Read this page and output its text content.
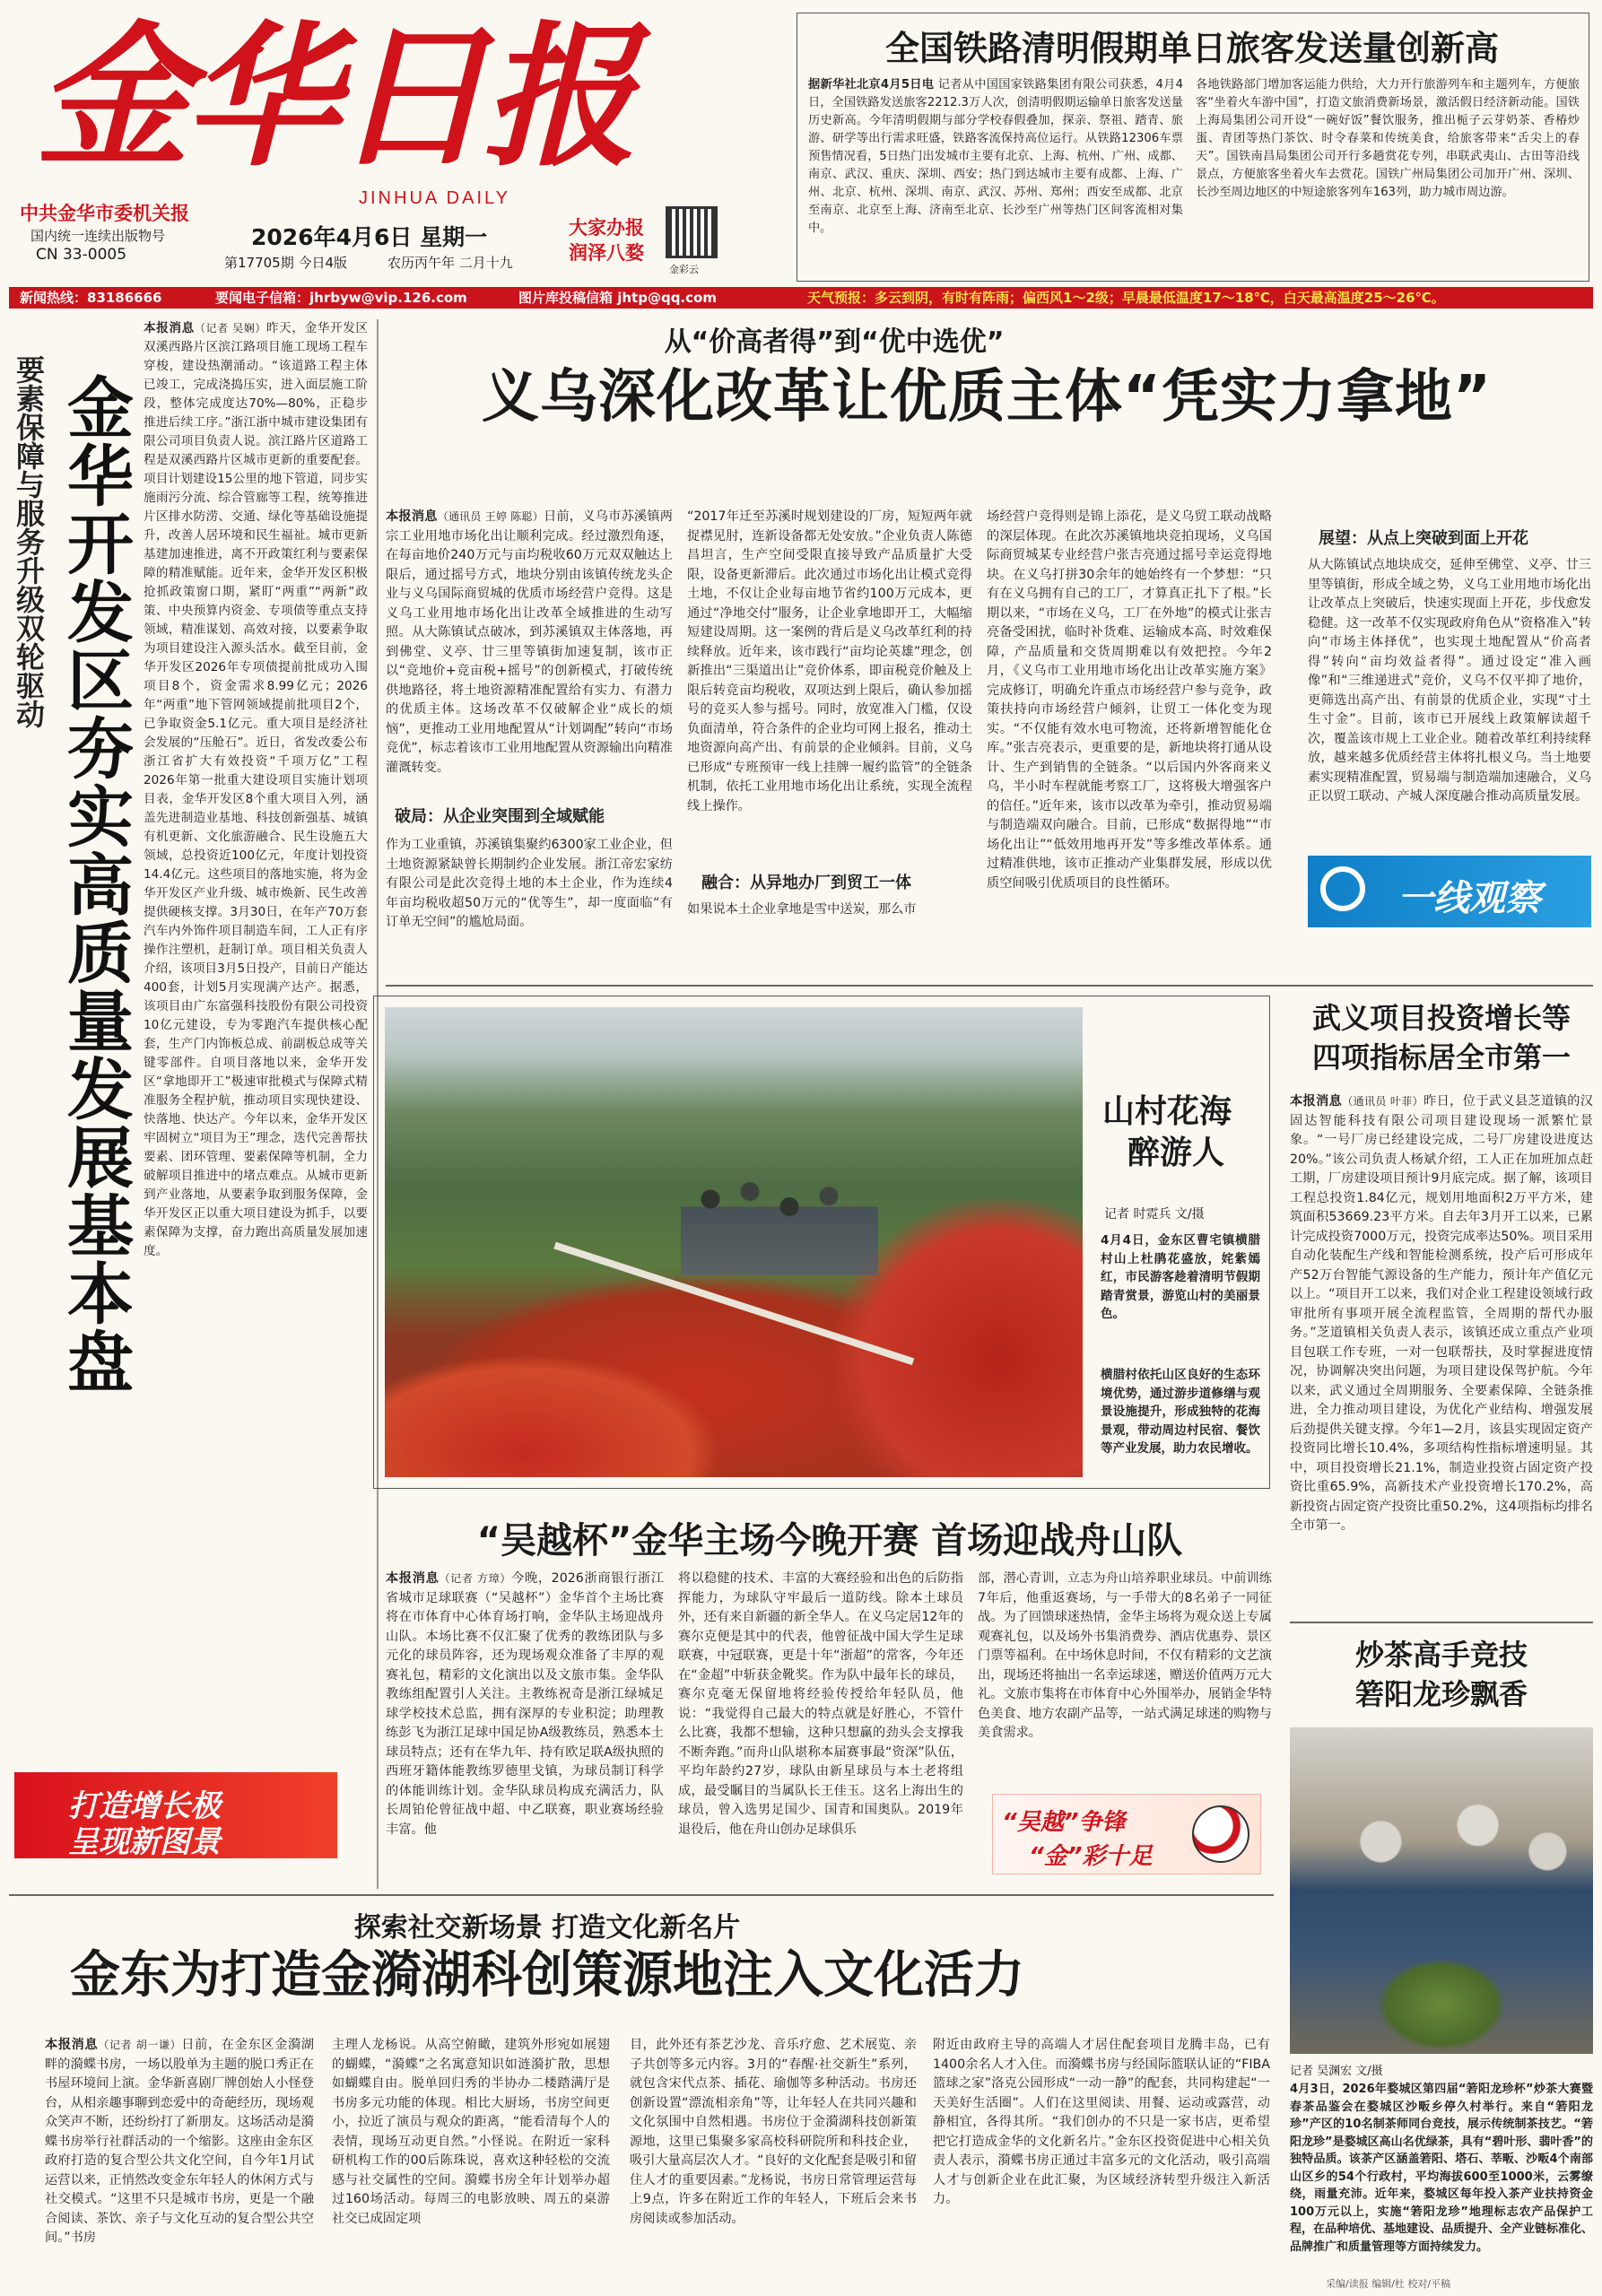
金华日报
JINHUA DAILY
中共金华市委机关报
国内统一连续出版物号
CN 33-0005
2026年4月6日 星期一
第17705期 今日4版	农历丙午年 二月十九
大家办报
润泽八婺
金彩云
全国铁路清明假期单日旅客发送量创新高
据新华社北京4月5日电 记者从中国国家铁路集团有限公司获悉，4月4日，全国铁路发送旅客2212.3万人次，创清明假期运输单日旅客发送量历史新高。今年清明假期与部分学校春假叠加，探亲、祭祖、踏青、旅游、研学等出行需求旺盛，铁路客流保持高位运行。从铁路12306车票预售情况看，5日热门出发城市主要有北京、上海、杭州、广州、成都、南京、武汉、重庆、深圳、西安；热门到达城市主要有成都、上海、广州、北京、杭州、深圳、南京、武汉、苏州、郑州；西安至成都、北京至南京、北京至上海、济南至北京、长沙至广州等热门区间客流相对集中。
各地铁路部门增加客运能力供给，大力开行旅游列车和主题列车，方便旅客“坐着火车游中国”，打造文旅消费新场景，激活假日经济新动能。国铁上海局集团公司开设“一碗好饭”餐饮服务，推出栀子云芽奶茶、香椿炒蛋、青团等热门茶饮、时令春菜和传统美食，给旅客带来“舌尖上的春天”。国铁南昌局集团公司开行多趟赏花专列，串联武夷山、古田等沿线景点，方便旅客坐着火车去赏花。国铁广州局集团公司加开广州、深圳、长沙至周边地区的中短途旅客列车163列，助力城市周边游。
新闻热线：83186666	要闻电子信箱：jhrbyw@vip.126.com	图片库投稿信箱 jhtp@qq.com	天气预报：多云到阴，有时有阵雨；偏西风1～2级；早晨最低温度17～18℃，白天最高温度25～26℃。
要素保障与服务升级双轮驱动 金华开发区夯实高质量发展基本盘
本报消息（记者 吴娴）昨天，金华开发区双溪西路片区滨江路项目施工现场工程车穿梭，建设热潮涌动。“该道路工程主体已竣工，完成浇捣压实，进入面层施工阶段，整体完成度达70%—80%，正稳步推进后续工序。”浙江浙中城市建设集团有限公司项目负责人说。滨江路片区道路工程是双溪西路片区城市更新的重要配套。项目计划建设15公里的地下管道，同步实施雨污分流、综合管廊等工程，统筹推进片区排水防涝、交通、绿化等基础设施提升，改善人居环境和民生福祉。城市更新基建加速推进，离不开政策红利与要素保障的精准赋能。近年来，金华开发区积极抢抓政策窗口期，紧盯“两重”“两新”政策、中央预算内资金、专项债等重点支持领域，精准谋划、高效对接，以要素争取为项目建设注入源头活水。截至目前，金华开发区2026年专项债提前批成功入围项目8个，资金需求8.99亿元；2026年“两重”地下管网领域提前批项目2个，已争取资金5.1亿元。重大项目是经济社会发展的“压舱石”。近日，省发改委公布浙江省扩大有效投资“千项万亿”工程2026年第一批重大建设项目实施计划项目表，金华开发区8个重大项目入列，涵盖先进制造业基地、科技创新强基、城镇有机更新、文化旅游融合、民生设施五大领域，总投资近100亿元，年度计划投资14.4亿元。这些项目的落地实施，将为金华开发区产业升级、城市焕新、民生改善提供硬核支撑。3月30日，在年产70万套汽车内外饰件项目制造车间，工人正有序操作注塑机，赶制订单。项目相关负责人介绍，该项目3月5日投产，目前日产能达400套，计划5月实现满产达产。据悉，该项目由广东富强科技股份有限公司投资10亿元建设，专为零跑汽车提供核心配套，生产门内饰板总成、前副板总成等关键零部件。自项目落地以来，金华开发区“拿地即开工”极速审批模式与保障式精准服务全程护航，推动项目实现快建设、快落地、快达产。今年以来，金华开发区牢固树立“项目为王”理念，迭代完善帮扶要素、团环管理、要素保障等机制，全力破解项目推进中的堵点难点。从城市更新到产业落地，从要素争取到服务保障，金华开发区正以重大项目建设为抓手，以要素保障为支撑，奋力跑出高质量发展加速度。
打造增长极
呈现新图景
从“价高者得”到“优中选优”
义乌深化改革让优质主体“凭实力拿地”
本报消息（通讯员 王婷 陈聪）日前，义乌市苏溪镇两宗工业用地市场化出让顺利完成。经过激烈角逐，在每亩地价240万元与亩均税收60万元双双触达上限后，通过摇号方式，地块分别由该镇传统龙头企业与义乌国际商贸城的优质市场经营户竞得。这是义乌工业用地市场化出让改革全域推进的生动写照。从大陈镇试点破冰，到苏溪镇双主体落地，再到佛堂、义亭、廿三里等镇街加速复制，该市正以“竞地价+竞亩税+摇号”的创新模式，打破传统供地路径，将土地资源精准配置给有实力、有潜力的优质主体。这场改革不仅破解企业“成长的烦恼”，更推动工业用地配置从“计划调配”转向“市场竞优”，标志着该市工业用地配置从资源输出向精准灌溉转变。
破局：从企业突围到全域赋能
作为工业重镇，苏溪镇集聚约6300家工业企业，但土地资源紧缺曾长期制约企业发展。浙江帝宏家纺有限公司是此次竞得土地的本土企业，作为连续4年亩均税收超50万元的“优等生”，却一度面临“有订单无空间”的尴尬局面。
“2017年迁至苏溪时规划建设的厂房，短短两年就捉襟见肘，连新设备都无处安放。”企业负责人陈德昌坦言，生产空间受限直接导致产品质量扩大受限，设备更新滞后。此次通过市场化出让模式竞得土地，不仅让企业每亩地节省约100万元成本，更通过“净地交付”服务，让企业拿地即开工，大幅缩短建设周期。这一案例的背后是义乌改革红利的持续释放。近年来，该市践行“亩均论英雄”理念，创新推出“三渠道出让”竞价体系，即亩税竞价触及上限后转竞亩均税收，双项达到上限后，确认参加摇号的竞买人参与摇号。同时，放宽准入门槛，仅设负面清单，符合条件的企业均可网上报名，推动土地资源向高产出、有前景的企业倾斜。目前，义乌已形成“专班预审一线上挂牌一履约监管”的全链条机制，依托工业用地市场化出让系统，实现全流程线上操作。
融合：从异地办厂到贸工一体
如果说本土企业拿地是雪中送炭，那么市
场经营户竞得则是锦上添花，是义乌贸工联动战略的深层体现。在此次苏溪镇地块竞拍现场，义乌国际商贸城某专业经营户张吉亮通过摇号幸运竞得地块。在义乌打拼30余年的她始终有一个梦想：“只有在义乌拥有自己的工厂，才算真正扎下了根。”长期以来，“市场在义乌，工厂在外地”的模式让张吉亮备受困扰，临时补货难、运输成本高、时效难保障，产品质量和交货周期难以有效把控。今年2月，《义乌市工业用地市场化出让改革实施方案》完成修订，明确允许重点市场经营户参与竞争，政策扶持向市场经营户倾斜，让贸工一体化变为现实。“不仅能有效水电可物流，还将新增智能化仓库。”张吉亮表示，更重要的是，新地块将打通从设计、生产到销售的全链条。“以后国内外客商来义乌，半小时车程就能考察工厂，这将极大增强客户的信任。”近年来，该市以改革为牵引，推动贸易端与制造端双向融合。目前，已形成“数据得地”“市场化出让”“低效用地再开发”等多维改革体系。通过精准供地，该市正推动产业集群发展，形成以优质空间吸引优质项目的良性循环。
展望：从点上突破到面上开花
从大陈镇试点地块成交，延伸至佛堂、义亭、廿三里等镇街，形成全域之势，义乌工业用地市场化出让改革点上突破后，快速实现面上开花，步伐愈发稳健。这一改革不仅实现政府角色从“资格准入”转向“市场主体择优”，也实现土地配置从“价高者得”转向“亩均效益者得”。通过设定“准入画像”和“三维递进式”竞价，义乌不仅平抑了地价，更筛选出高产出、有前景的优质企业，实现“寸土生寸金”。目前，该市已开展线上政策解读超千次，覆盖该市规上工业企业。随着改革红利持续释放，越来越多优质经营主体将扎根义乌。当土地要素实现精准配置，贸易端与制造端加速融合，义乌正以贸工联动、产城人深度融合推动高质量发展。
一线观察
山村花海
醉游人
记者 时霓兵 文/摄
4月4日，金东区曹宅镇横腊村山上杜鹃花盛放，姹紫嫣红，市民游客趁着清明节假期踏青赏景，游览山村的美丽景色。
横腊村依托山区良好的生态环境优势，通过游步道修缮与观景设施提升，形成独特的花海景观，带动周边村民宿、餐饮等产业发展，助力农民增收。
武义项目投资增长等
四项指标居全市第一
本报消息（通讯员 叶菲）昨日，位于武义县芝道镇的汉固达智能科技有限公司项目建设现场一派繁忙景象。“一号厂房已经建设完成，二号厂房建设进度达20%。”该公司负责人杨斌介绍，工人正在加班加点赶工期，厂房建设项目预计9月底完成。据了解，该项目工程总投资1.84亿元，规划用地面积2万平方米，建筑面积53669.23平方米。自去年3月开工以来，已累计完成投资7000万元，投资完成率达50%。项目采用自动化装配生产线和智能检测系统，投产后可形成年产52万台智能气源设备的生产能力，预计年产值亿元以上。“项目开工以来，我们对企业工程建设领域行政审批所有事项开展全流程监管，全周期的帮代办服务。”芝道镇相关负责人表示，该镇还成立重点产业项目包联工作专班，一对一包联帮扶，及时掌握进度情况，协调解决突出问题，为项目建设保驾护航。今年以来，武义通过全周期服务、全要素保障、全链条推进，全力推动项目建设，为优化产业结构、增强发展后劲提供关键支撑。今年1—2月，该县实现固定资产投资同比增长10.4%，多项结构性指标增速明显。其中，项目投资增长21.1%，制造业投资占固定资产投资比重65.9%，高新技术产业投资增长170.2%，高新投资占固定资产投资比重50.2%，这4项指标均排名全市第一。
炒茶高手竞技
箬阳龙珍飘香
记者 吴渊宏 文/摄
4月3日，2026年婺城区第四届“箬阳龙珍杯”炒茶大赛暨春茶品鉴会在婺城区沙畈乡停久村举行。来自“箬阳龙珍”产区的10名制茶师同台竞技，展示传统制茶技艺。“箬阳龙珍”是婺城区高山名优绿茶，具有“碧叶形、翡叶香”的独特品质。该茶产区涵盖箬阳、塔石、莘畈、沙畈4个南部山区乡的54个行政村，平均海拔600至1000米，云雾缭绕，雨量充沛。近年来，婺城区每年投入茶产业扶持资金100万元以上，实施“箬阳龙珍”地理标志农产品保护工程，在品种培优、基地建设、品质提升、全产业链标准化、品牌推广和质量管理等方面持续发力。
采编/读报 编辑/杜 校对/平稿
“吴越杯”金华主场今晚开赛 首场迎战舟山队
本报消息（记者 方璋）今晚，2026浙商银行浙江省城市足球联赛（“吴越杯”）金华首个主场比赛将在市体育中心体育场打响，金华队主场迎战舟山队。本场比赛不仅汇聚了优秀的教练团队与多元化的球员阵容，还为现场观众准备了丰厚的观赛礼包，精彩的文化演出以及文旅市集。金华队教练组配置引人关注。主教练祝奇是浙江绿城足球学校技术总监，拥有深厚的专业积淀；助理教练彭飞为浙江足球中国足协A级教练员，熟悉本土球员特点；还有在华九年、持有欧足联A级执照的西班牙籍体能教练罗德里戈镇，为球员制订科学的体能训练计划。金华队球员构成充满活力，队长周铂伦曾征战中超、中乙联赛，职业赛场经验丰富。他
将以稳健的技术、丰富的大赛经验和出色的后防指挥能力，为球队守牢最后一道防线。除本土球员外，还有来自新疆的新全华人。在义乌定居12年的赛尔克便是其中的代表，他曾征战中国大学生足球联赛，中冠联赛，更是十年“浙超”的常客，今年还在“金超”中斩获金靴奖。作为队中最年长的球员，赛尔克毫无保留地将经验传授给年轻队员，他说：“我觉得自己最大的特点就是好胜心，不管什么比赛，我都不想输，这种只想赢的劲头会支撑我不断奔跑。”而舟山队堪称本届赛事最“资深”队伍，平均年龄约27岁，球队由新星球员与本土老将组成，最受瞩目的当属队长王佳玉。这名上海出生的球员，曾入选男足国少、国青和国奥队。2019年退役后，他在舟山创办足球俱乐
部，潜心青训，立志为舟山培养职业球员。中前训练7年后，他重返赛场，与一手带大的8名弟子一同征战。为了回馈球迷热情，金华主场将为观众送上专属观赛礼包，以及场外书集消费券、酒店优惠券、景区门票等福利。在中场休息时间，不仅有精彩的文艺演出，现场还将抽出一名幸运球迷，赠送价值两万元大礼。文旅市集将在市体育中心外围举办，展销金华特色美食、地方农副产品等，一站式满足球迷的购物与美食需求。
“吴越”争锋
“金”彩十足
探索社交新场景 打造文化新名片
金东为打造金漪湖科创策源地注入文化活力
本报消息（记者 胡一谦）日前，在金东区金漪湖畔的漪蝶书房，一场以股单为主题的脱口秀正在书屋环境间上演。金华新喜剧厂牌创始人小怪登台，从相亲趣事聊到恋爱中的奇葩经历，现场观众笑声不断，还纷纷打了新朋友。这场活动是漪蝶书房举行社群活动的一个缩影。这座由金东区政府打造的复合型公共文化空间，自今年1月试运营以来，正悄然改变金东年轻人的休闲方式与社交模式。“这里不只是城市书房，更是一个融合阅读、茶饮、亲子与文化互动的复合型公共空间。”书房
主理人龙杨说。从高空俯瞰，建筑外形宛如展翅的蝴蝶，“漪蝶”之名寓意知识如涟漪扩散，思想如蝴蝶自由。脱单回归秀的半协办二楼踏满厅是书房多元功能的体现。相比大厨场，书房空间更小，拉近了演员与观众的距离，“能看清每个人的表情，现场互动更自然。”小怪说。在附近一家科研机构工作的00后陈珠说，喜欢这种轻松的交流感与社交属性的空间。漪蝶书房全年计划举办超过160场活动。每周三的电影放映、周五的桌游社交已成固定项
目，此外还有茶艺沙龙、音乐疗愈、艺术展览、亲子共创等多元内容。3月的“春醒·社交新生”系列，就包含宋代点茶、插花、瑜伽等多种活动。书房还创新设置“漂流相亲角”等，让年轻人在共同兴趣和文化氛围中自然相遇。书房位于金漪湖科技创新策源地，这里已集聚多家高校科研院所和科技企业，吸引大量高层次人才。“良好的文化配套是吸引和留住人才的重要因素。”龙杨说，书房日常管理运营每上9点，许多在附近工作的年轻人，下班后会来书房阅读或参加活动。
附近由政府主导的高端人才居住配套项目龙腾丰岛，已有1400余名人才入住。而漪蝶书房与经国际篮联认证的“FIBA篮球之家”洛克公园形成“一动一静”的配套，共同构建起“一天美好生活圈”。人们在这里阅读、用餐、运动或露营，动静相宜，各得其所。“我们创办的不只是一家书店，更希望把它打造成金华的文化新名片。”金东区投资促进中心相关负责人表示，漪蝶书房正通过丰富多元的文化活动，吸引高端人才与创新企业在此汇聚，为区域经济转型升级注入新活力。
